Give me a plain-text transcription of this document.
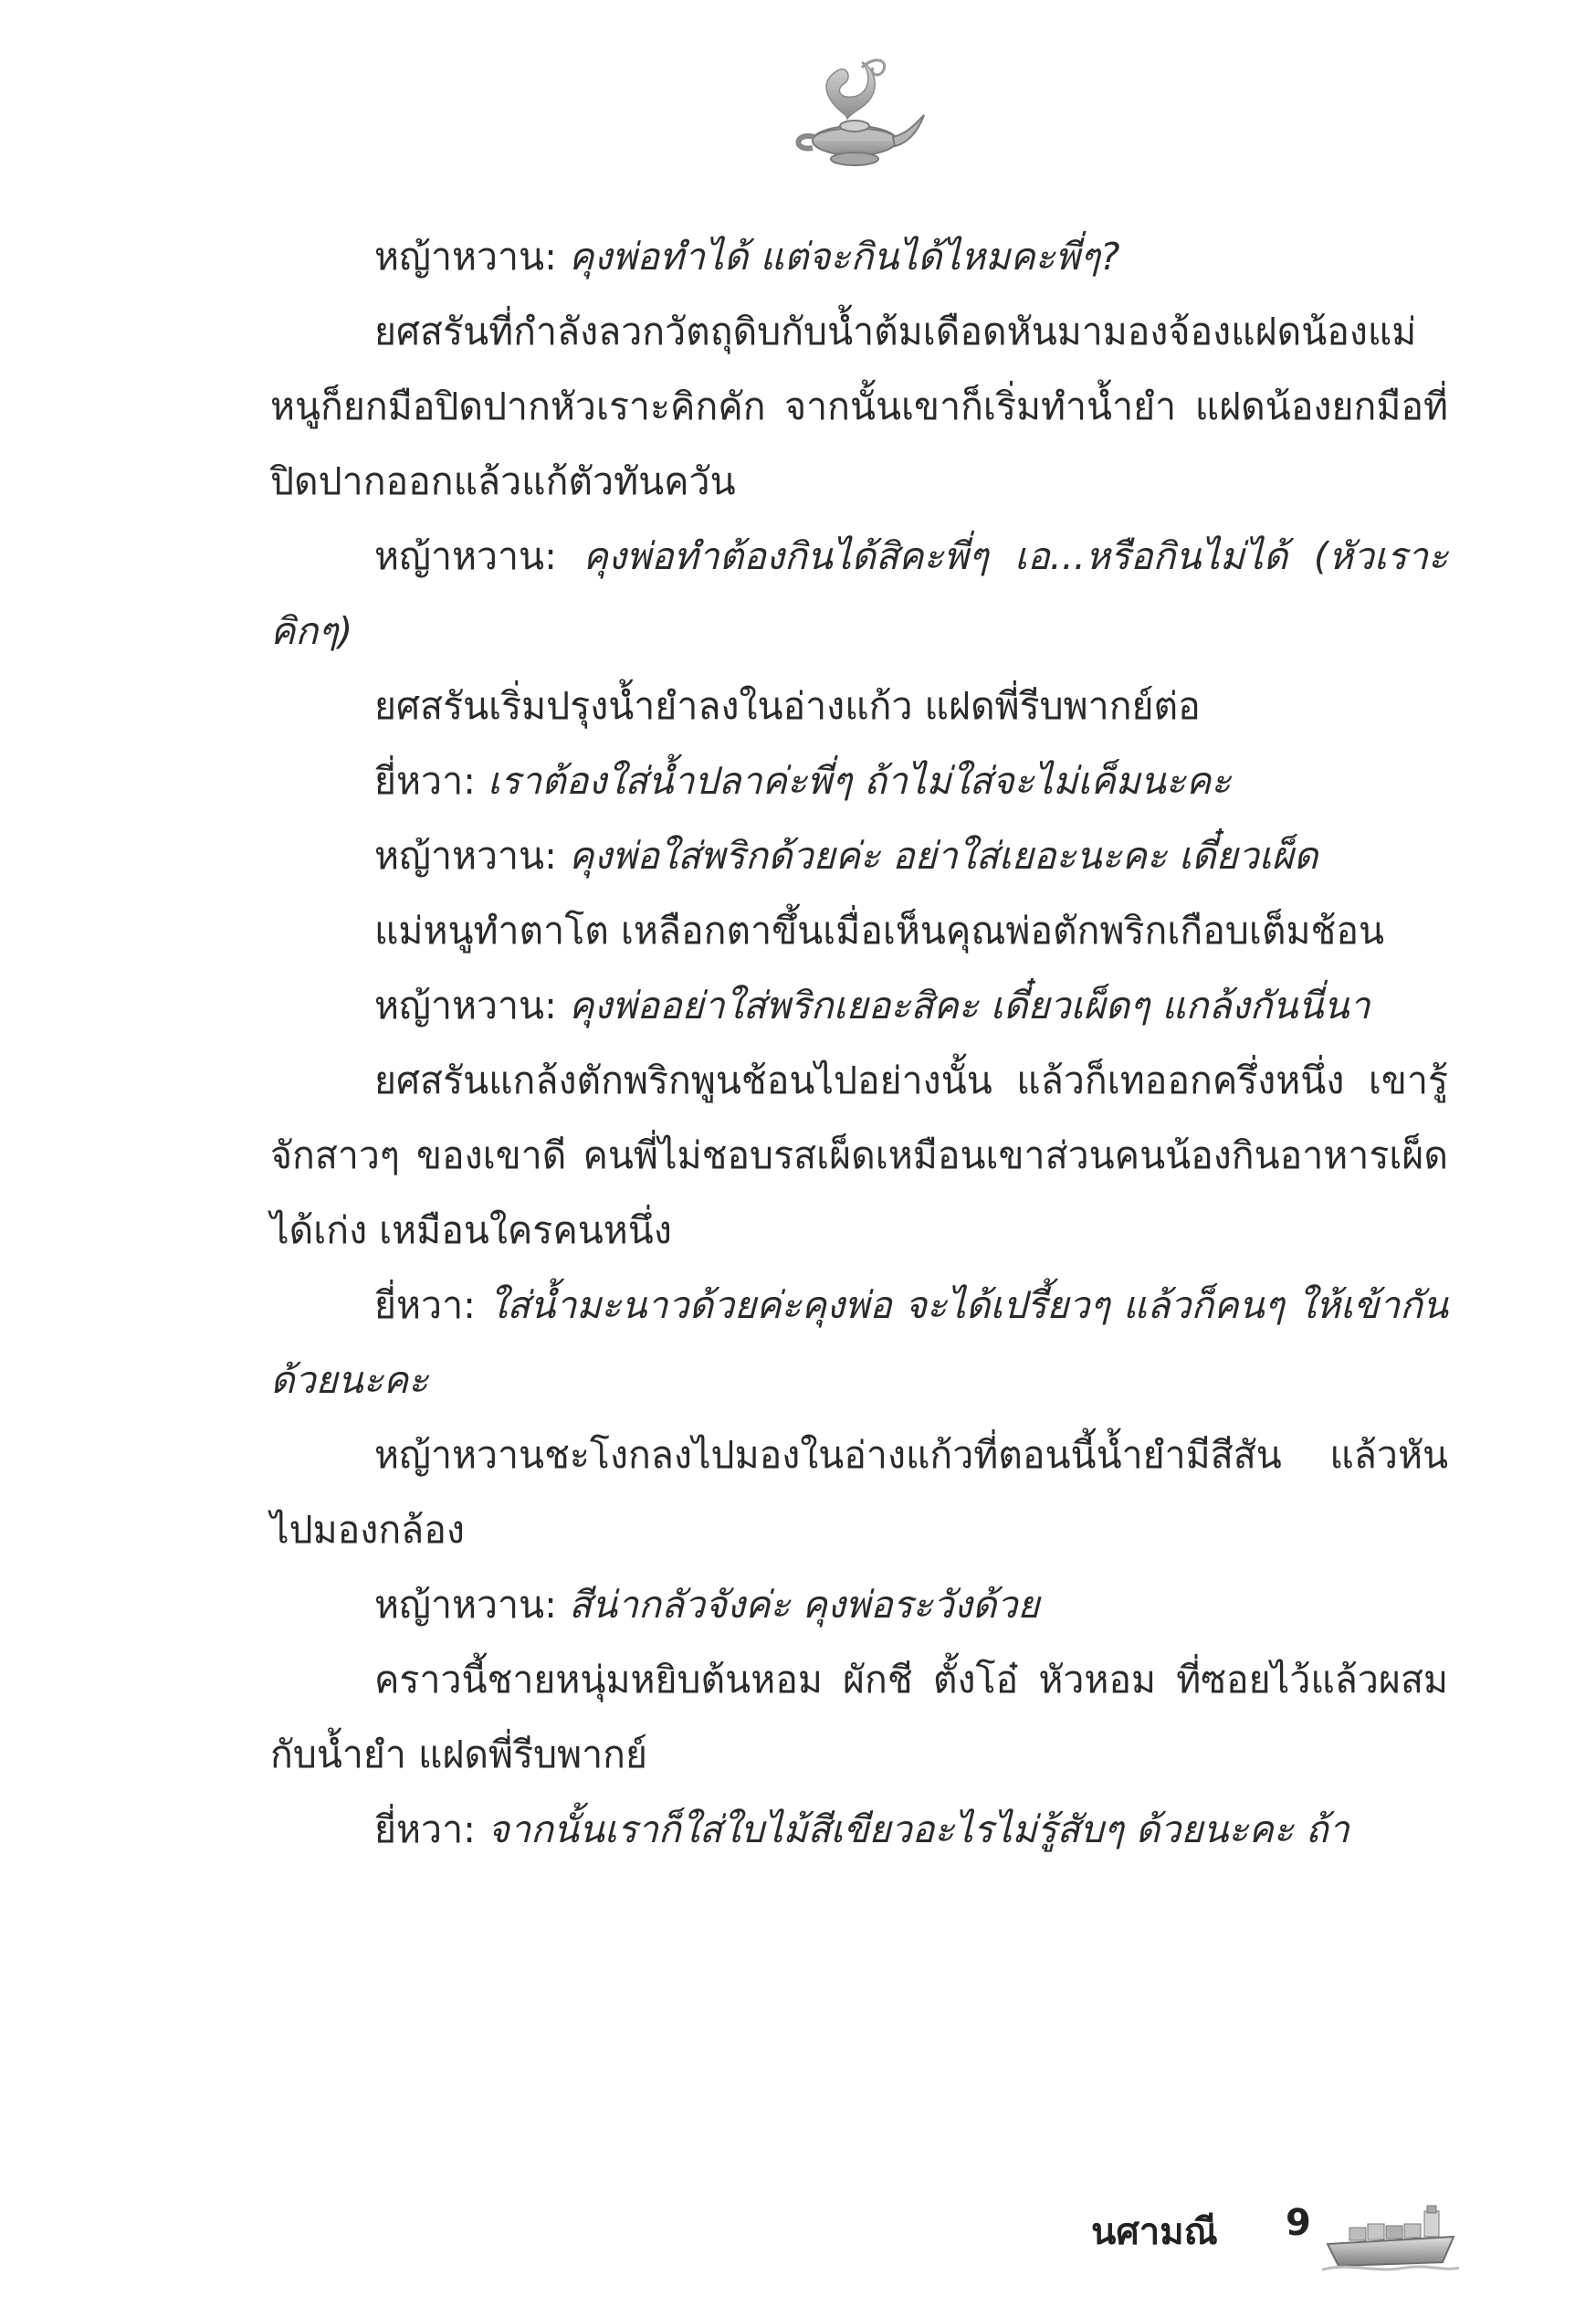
หญ้าหวาน: คุงพ่อทำได้ แต่จะกินได้ไหมคะพี่ๆ?

ยศสรันที่กำลังลวกวัตถุดิบกับน้ำต้มเดือดหันมามองจ้องแฝดน้องแม่หนูก็ยกมือปิดปากหัวเราะคิกคัก จากนั้นเขาก็เริ่มทำน้ำยำ แฝดน้องยกมือที่ปิดปากออกแล้วแก้ตัวทันควัน

หญ้าหวาน: คุงพ่อทำต้องกินได้สิคะพี่ๆ เอ...หรือกินไม่ได้ (หัวเราะคิกๆ)

ยศสรันเริ่มปรุงน้ำยำลงในอ่างแก้ว แฝดพี่รีบพากย์ต่อ

ยี่หวา: เราต้องใส่น้ำปลาค่ะพี่ๆ ถ้าไม่ใส่จะไม่เค็มนะคะ

หญ้าหวาน: คุงพ่อใส่พริกด้วยค่ะ อย่าใส่เยอะนะคะ เดี๋ยวเผ็ด

แม่หนูทำตาโต เหลือกตาขึ้นเมื่อเห็นคุณพ่อตักพริกเกือบเต็มช้อน

หญ้าหวาน: คุงพ่ออย่าใส่พริกเยอะสิคะ เดี๋ยวเผ็ดๆ แกล้งกันนี่นา

ยศสรันแกล้งตักพริกพูนช้อนไปอย่างนั้น แล้วก็เทออกครึ่งหนึ่ง เขารู้จักสาวๆ ของเขาดี คนพี่ไม่ชอบรสเผ็ดเหมือนเขาส่วนคนน้องกินอาหารเผ็ดได้เก่ง เหมือนใครคนหนึ่ง

ยี่หวา: ใส่น้ำมะนาวด้วยค่ะคุงพ่อ จะได้เปรี้ยวๆ แล้วก็คนๆ ให้เข้ากันด้วยนะคะ

หญ้าหวานชะโงกลงไปมองในอ่างแก้วที่ตอนนี้น้ำยำมีสีสัน แล้วหันไปมองกล้อง

หญ้าหวาน: สีน่ากลัวจังค่ะ คุงพ่อระวังด้วย

คราวนี้ชายหนุ่มหยิบต้นหอม ผักชี ตั้งโอ๋ หัวหอม ที่ซอยไว้แล้วผสมกับน้ำยำ แฝดพี่รีบพากย์

ยี่หวา: จากนั้นเราก็ใส่ใบไม้สีเขียวอะไรไม่รู้สับๆ ด้วยนะคะ ถ้า

นศามณี 9
